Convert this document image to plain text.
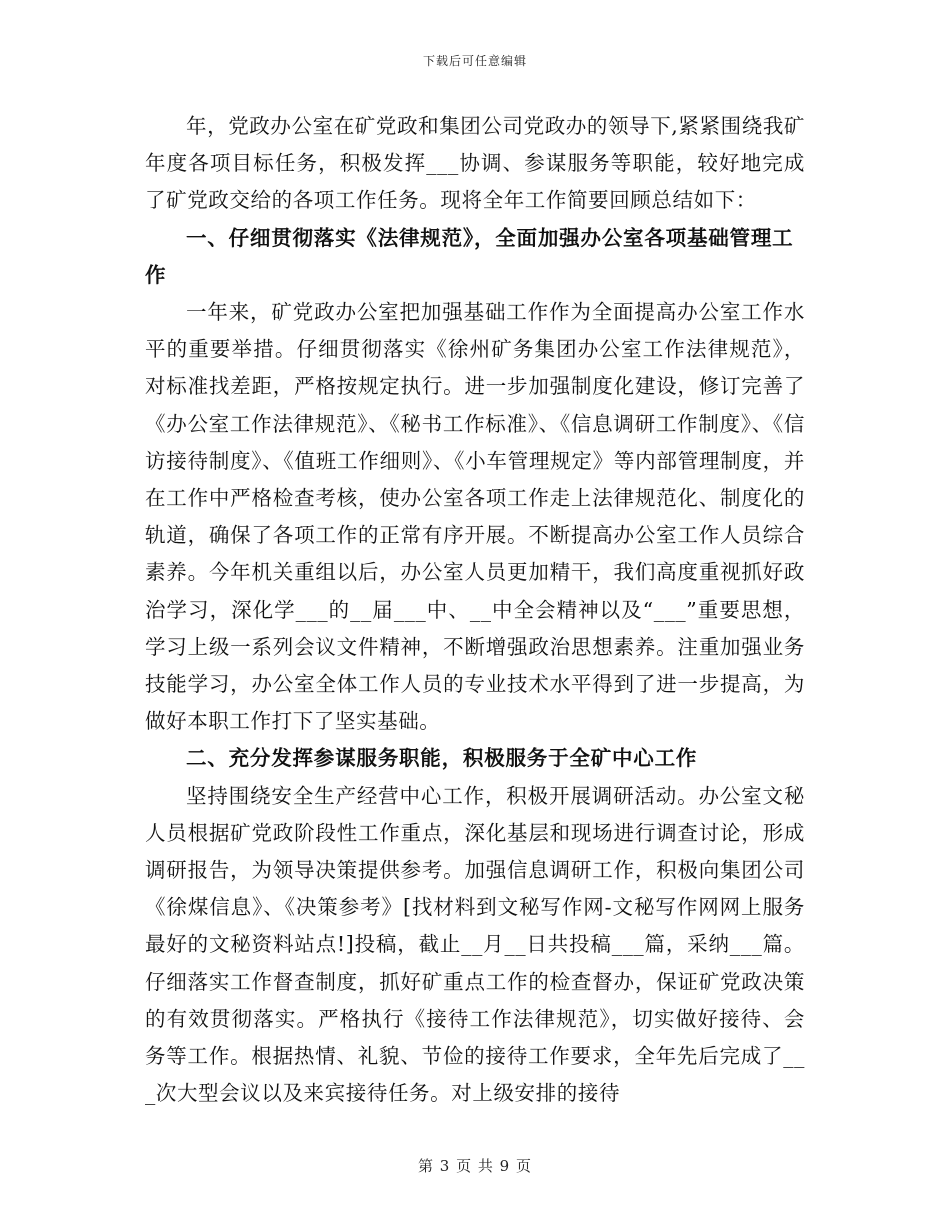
下载后可任意编辑

年，党政办公室在矿党政和集团公司党政办的领导下,紧紧围绕我矿年度各项目标任务，积极发挥___协调、参谋服务等职能，较好地完成了矿党政交给的各项工作任务。现将全年工作简要回顾总结如下：

一、仔细贯彻落实《法律规范》，全面加强办公室各项基础管理工作

一年来，矿党政办公室把加强基础工作作为全面提高办公室工作水平的重要举措。仔细贯彻落实《徐州矿务集团办公室工作法律规范》，对标准找差距，严格按规定执行。进一步加强制度化建设，修订完善了《办公室工作法律规范》、《秘书工作标准》、《信息调研工作制度》、《信访接待制度》、《值班工作细则》、《小车管理规定》等内部管理制度，并在工作中严格检查考核，使办公室各项工作走上法律规范化、制度化的轨道，确保了各项工作的正常有序开展。不断提高办公室工作人员综合素养。今年机关重组以后，办公室人员更加精干，我们高度重视抓好政治学习，深化学___的__届___中、__中全会精神以及“___”重要思想，学习上级一系列会议文件精神，不断增强政治思想素养。注重加强业务技能学习，办公室全体工作人员的专业技术水平得到了进一步提高，为做好本职工作打下了坚实基础。

二、充分发挥参谋服务职能，积极服务于全矿中心工作

坚持围绕安全生产经营中心工作，积极开展调研活动。办公室文秘人员根据矿党政阶段性工作重点，深化基层和现场进行调查讨论，形成调研报告，为领导决策提供参考。加强信息调研工作，积极向集团公司《徐煤信息》、《决策参考》[找材料到文秘写作网-文秘写作网网上服务最好的文秘资料站点!]投稿，截止__月__日共投稿___篇，采纳___篇。仔细落实工作督查制度，抓好矿重点工作的检查督办，保证矿党政决策的有效贯彻落实。严格执行《接待工作法律规范》，切实做好接待、会务等工作。根据热情、礼貌、节俭的接待工作要求，全年先后完成了___次大型会议以及来宾接待任务。对上级安排的接待

第 3 页 共 9 页
